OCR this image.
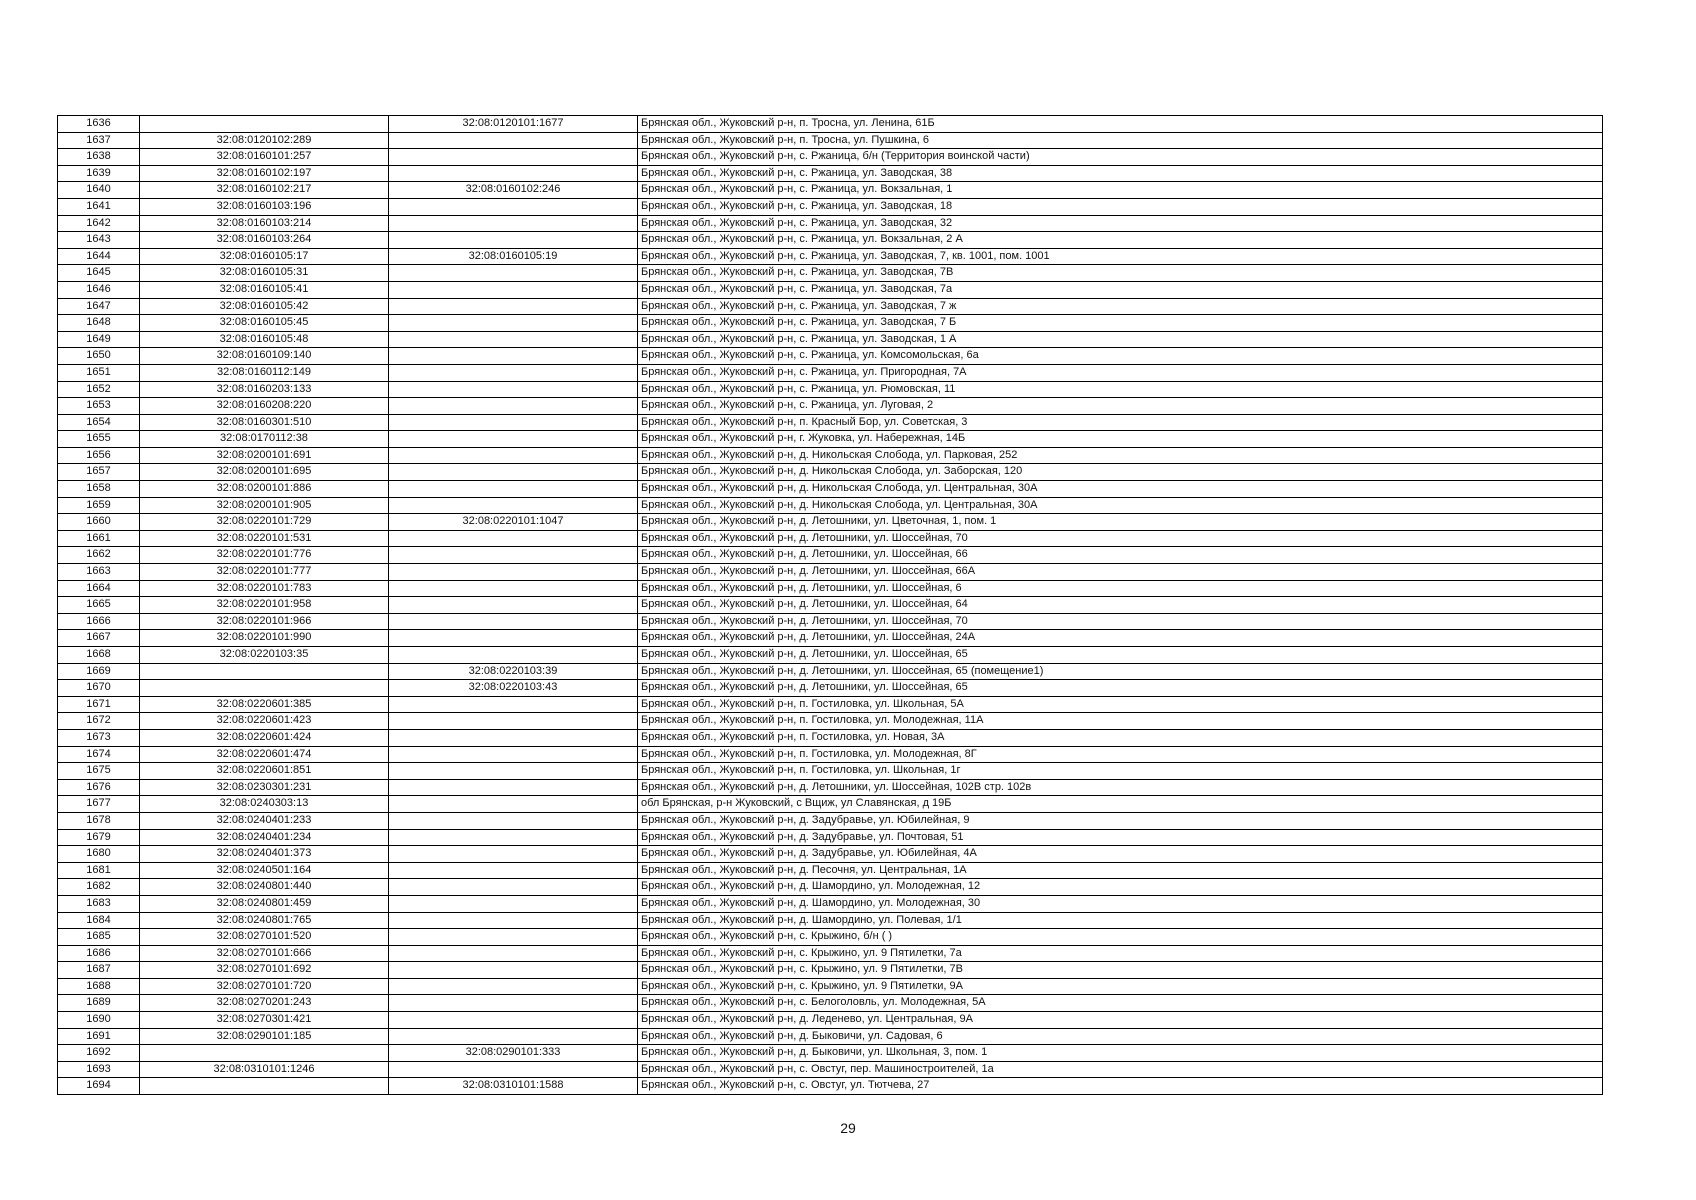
1636		32:08:0120101:1677	Брянская обл., Жуковский р-н, п. Тросна, ул. Ленина, 61Б
1637	32:08:0120102:289		Брянская обл., Жуковский р-н, п. Тросна, ул. Пушкина, 6
1638	32:08:0160101:257		Брянская обл., Жуковский р-н, с. Ржаница, б/н (Территория воинской части)
1639	32:08:0160102:197		Брянская обл., Жуковский р-н, с. Ржаница, ул. Заводская, 38
1640	32:08:0160102:217	32:08:0160102:246	Брянская обл., Жуковский р-н, с. Ржаница, ул. Вокзальная, 1
1641	32:08:0160103:196		Брянская обл., Жуковский р-н, с. Ржаница, ул. Заводская, 18
1642	32:08:0160103:214		Брянская обл., Жуковский р-н, с. Ржаница, ул. Заводская, 32
1643	32:08:0160103:264		Брянская обл., Жуковский р-н, с. Ржаница, ул. Вокзальная, 2 А
1644	32:08:0160105:17	32:08:0160105:19	Брянская обл., Жуковский р-н, с. Ржаница, ул. Заводская, 7, кв. 1001, пом. 1001
1645	32:08:0160105:31		Брянская обл., Жуковский р-н, с. Ржаница, ул. Заводская, 7В
1646	32:08:0160105:41		Брянская обл., Жуковский р-н, с. Ржаница, ул. Заводская, 7а
1647	32:08:0160105:42		Брянская обл., Жуковский р-н, с. Ржаница, ул. Заводская, 7 ж
1648	32:08:0160105:45		Брянская обл., Жуковский р-н, с. Ржаница, ул. Заводская, 7 Б
1649	32:08:0160105:48		Брянская обл., Жуковский р-н, с. Ржаница, ул. Заводская, 1 А
1650	32:08:0160109:140		Брянская обл., Жуковский р-н, с. Ржаница, ул. Комсомольская, 6а
1651	32:08:0160112:149		Брянская обл., Жуковский р-н, с. Ржаница, ул. Пригородная, 7А
1652	32:08:0160203:133		Брянская обл., Жуковский р-н, с. Ржаница, ул. Рюмовская, 11
1653	32:08:0160208:220		Брянская обл., Жуковский р-н, с. Ржаница, ул. Луговая, 2
1654	32:08:0160301:510		Брянская обл., Жуковский р-н, п. Красный Бор, ул. Советская, 3
1655	32:08:0170112:38		Брянская обл., Жуковский р-н, г. Жуковка, ул. Набережная, 14Б
1656	32:08:0200101:691		Брянская обл., Жуковский р-н, д. Никольская Слобода, ул. Парковая, 252
1657	32:08:0200101:695		Брянская обл., Жуковский р-н, д. Никольская Слобода, ул. Заборская, 120
1658	32:08:0200101:886		Брянская обл., Жуковский р-н, д. Никольская Слобода, ул. Центральная, 30А
1659	32:08:0200101:905		Брянская обл., Жуковский р-н, д. Никольская Слобода, ул. Центральная, 30А
1660	32:08:0220101:729	32:08:0220101:1047	Брянская обл., Жуковский р-н, д. Летошники, ул. Цветочная, 1, пом. 1
1661	32:08:0220101:531		Брянская обл., Жуковский р-н, д. Летошники, ул. Шоссейная, 70
1662	32:08:0220101:776		Брянская обл., Жуковский р-н, д. Летошники, ул. Шоссейная, 66
1663	32:08:0220101:777		Брянская обл., Жуковский р-н, д. Летошники, ул. Шоссейная, 66А
1664	32:08:0220101:783		Брянская обл., Жуковский р-н, д. Летошники, ул. Шоссейная, 6
1665	32:08:0220101:958		Брянская обл., Жуковский р-н, д. Летошники, ул. Шоссейная, 64
1666	32:08:0220101:966		Брянская обл., Жуковский р-н, д. Летошники, ул. Шоссейная, 70
1667	32:08:0220101:990		Брянская обл., Жуковский р-н, д. Летошники, ул. Шоссейная, 24А
1668	32:08:0220103:35		Брянская обл., Жуковский р-н, д. Летошники, ул. Шоссейная, 65
1669		32:08:0220103:39	Брянская обл., Жуковский р-н, д. Летошники, ул. Шоссейная, 65 (помещение1)
1670		32:08:0220103:43	Брянская обл., Жуковский р-н, д. Летошники, ул. Шоссейная, 65
1671	32:08:0220601:385		Брянская обл., Жуковский р-н, п. Гостиловка, ул. Школьная, 5А
1672	32:08:0220601:423		Брянская обл., Жуковский р-н, п. Гостиловка, ул. Молодежная, 11А
1673	32:08:0220601:424		Брянская обл., Жуковский р-н, п. Гостиловка, ул. Новая, 3А
1674	32:08:0220601:474		Брянская обл., Жуковский р-н, п. Гостиловка, ул. Молодежная, 8Г
1675	32:08:0220601:851		Брянская обл., Жуковский р-н, п. Гостиловка, ул. Школьная, 1г
1676	32:08:0230301:231		Брянская обл., Жуковский р-н, д. Летошники, ул. Шоссейная, 102В стр. 102в
1677	32:08:0240303:13		обл Брянская, р-н Жуковский, с Вщиж, ул Славянская, д 19Б
1678	32:08:0240401:233		Брянская обл., Жуковский р-н, д. Задубравье, ул. Юбилейная, 9
1679	32:08:0240401:234		Брянская обл., Жуковский р-н, д. Задубравье, ул. Почтовая, 51
1680	32:08:0240401:373		Брянская обл., Жуковский р-н, д. Задубравье, ул. Юбилейная, 4А
1681	32:08:0240501:164		Брянская обл., Жуковский р-н, д. Песочня, ул. Центральная, 1А
1682	32:08:0240801:440		Брянская обл., Жуковский р-н, д. Шамордино, ул. Молодежная, 12
1683	32:08:0240801:459		Брянская обл., Жуковский р-н, д. Шамордино, ул. Молодежная, 30
1684	32:08:0240801:765		Брянская обл., Жуковский р-н, д. Шамордино, ул. Полевая, 1/1
1685	32:08:0270101:520		Брянская обл., Жуковский р-н, с. Крыжино, б/н ( )
1686	32:08:0270101:666		Брянская обл., Жуковский р-н, с. Крыжино, ул. 9 Пятилетки, 7а
1687	32:08:0270101:692		Брянская обл., Жуковский р-н, с. Крыжино, ул. 9 Пятилетки, 7В
1688	32:08:0270101:720		Брянская обл., Жуковский р-н, с. Крыжино, ул. 9 Пятилетки, 9А
1689	32:08:0270201:243		Брянская обл., Жуковский р-н, с. Белоголовль, ул. Молодежная, 5А
1690	32:08:0270301:421		Брянская обл., Жуковский р-н, д. Леденево, ул. Центральная, 9А
1691	32:08:0290101:185		Брянская обл., Жуковский р-н, д. Быковичи, ул. Садовая, 6
1692		32:08:0290101:333	Брянская обл., Жуковский р-н, д. Быковичи, ул. Школьная, 3, пом. 1
1693	32:08:0310101:1246		Брянская обл., Жуковский р-н, с. Овстуг, пер. Машиностроителей, 1а
1694		32:08:0310101:1588	Брянская обл., Жуковский р-н, с. Овстуг, ул. Тютчева, 27
29
